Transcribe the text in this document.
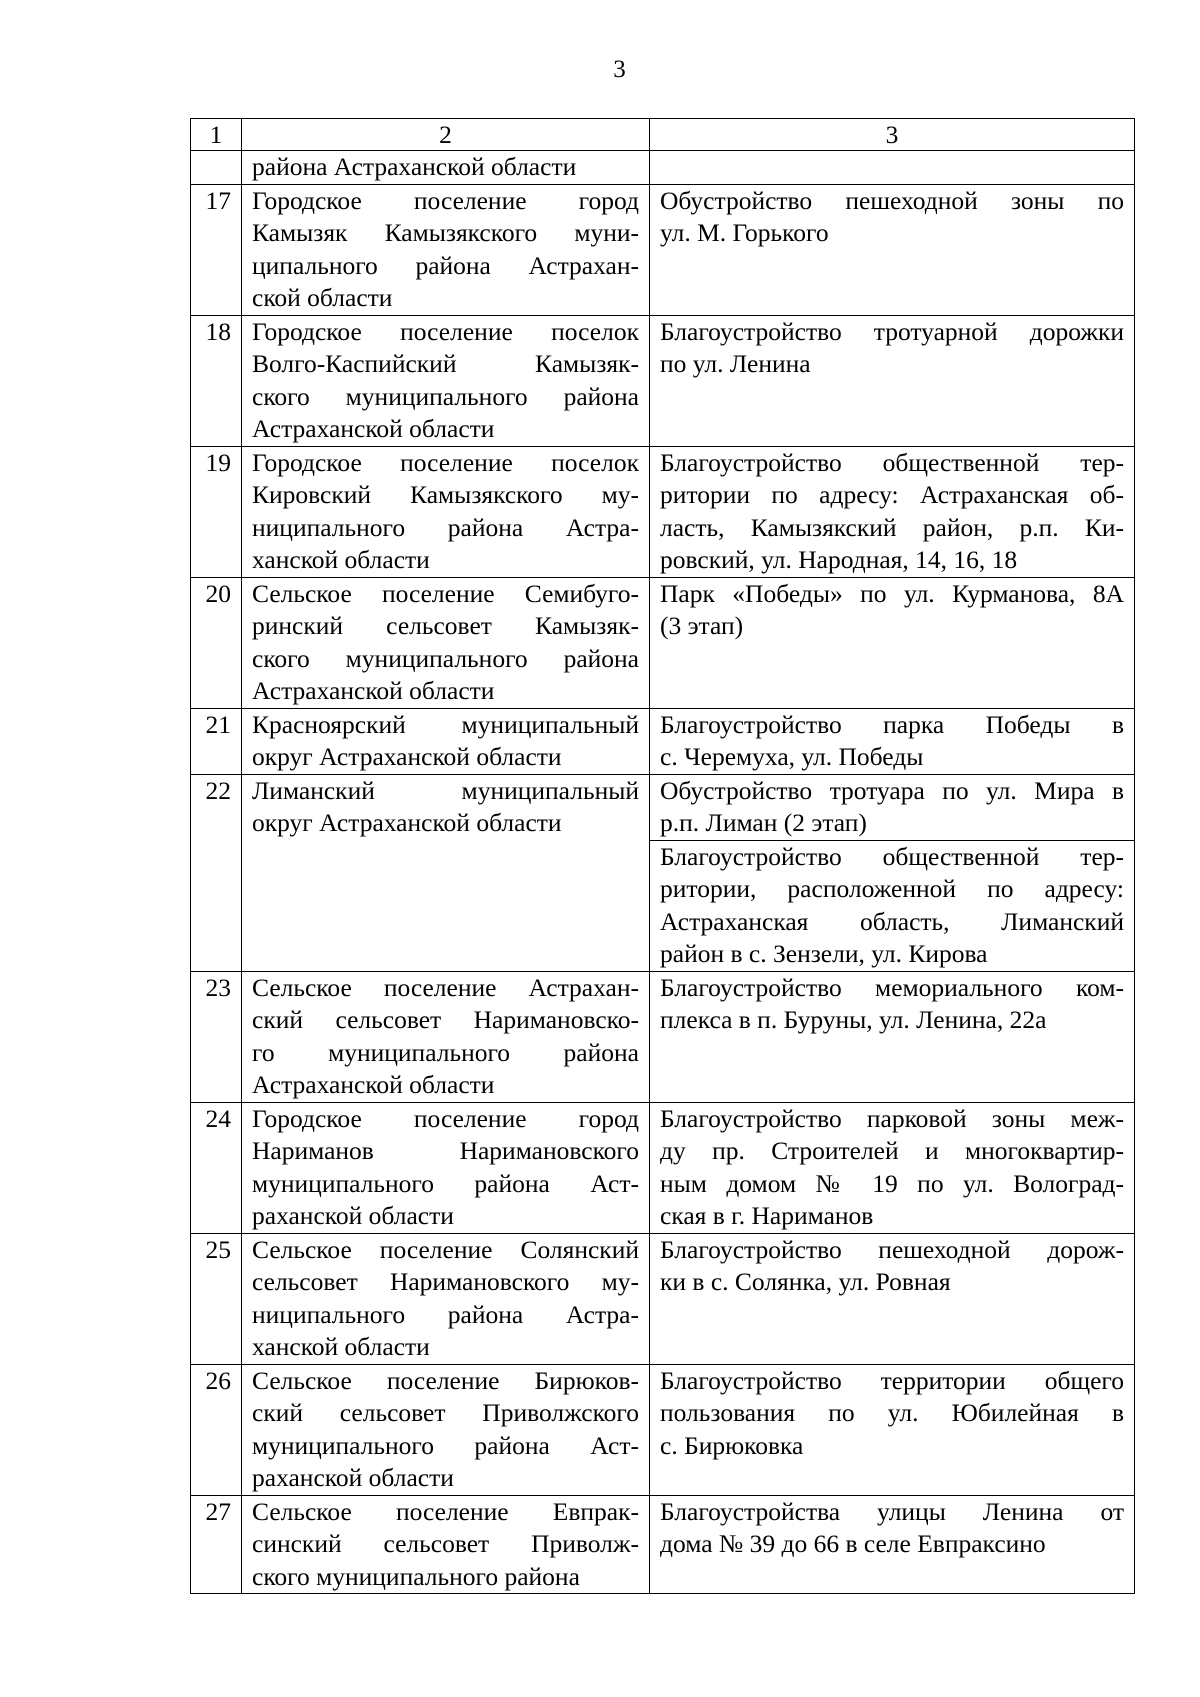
3
1	2	3

	района Астраханской области	

17	Городское поселение город
Камызяк Камызякского муни-
ципального района Астрахан-
ской области	Обустройство пешеходной зоны по
ул. М. Горького

18	Городское поселение поселок
Волго-Каспийский Камызяк-
ского муниципального района
Астраханской области	Благоустройство тротуарной дорожки
по ул. Ленина

19	Городское поселение поселок
Кировский Камызякского му-
ниципального района Астра-
ханской области	Благоустройство общественной тер-
ритории по адресу: Астраханская об-
ласть, Камызякский район, р.п. Ки-
ровский, ул. Народная, 14, 16, 18

20	Сельское поселение Семибуго-
ринский сельсовет Камызяк-
ского муниципального района
Астраханской области	Парк «Победы» по ул. Курманова, 8А
(3 этап)

21	Красноярский муниципальный
округ Астраханской области	Благоустройство парка Победы в
с. Черемуха, ул. Победы

22	Лиманский муниципальный
округ Астраханской области	Обустройство тротуара по ул. Мира в
р.п. Лиман (2 этап)

		Благоустройство общественной тер-
ритории, расположенной по адресу:
Астраханская область, Лиманский
район в с. Зензели, ул. Кирова

23	Сельское поселение Астрахан-
ский сельсовет Наримановско-
го муниципального района
Астраханской области	Благоустройство мемориального ком-
плекса в п. Буруны, ул. Ленина, 22а

24	Городское поселение город
Нариманов Наримановского
муниципального района Аст-
раханской области	Благоустройство парковой зоны меж-
ду пр. Строителей и многоквартир-
ным домом № 19 по ул. Волоград-
ская в г. Нариманов

25	Сельское поселение Солянский
сельсовет Наримановского му-
ниципального района Астра-
ханской области	Благоустройство пешеходной дорож-
ки в с. Солянка, ул. Ровная

26	Сельское поселение Бирюков-
ский сельсовет Приволжского
муниципального района Аст-
раханской области	Благоустройство территории общего
пользования по ул. Юбилейная в
с. Бирюковка

27	Сельское поселение Евпрак-
синский сельсовет Приволж-
ского муниципального района	Благоустройства улицы Ленина от
дома № 39 до 66 в селе Евпраксино
